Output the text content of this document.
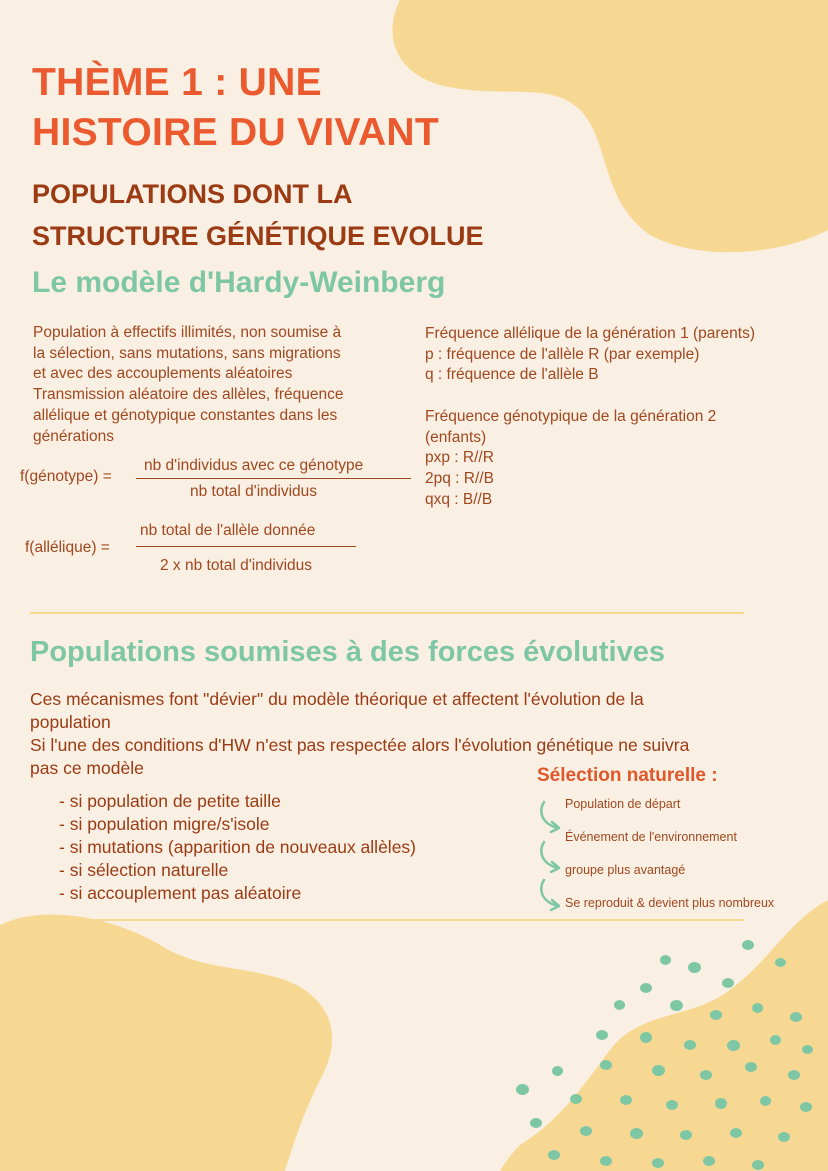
THÈME 1 : UNE
HISTOIRE DU VIVANT
POPULATIONS DONT LA
STRUCTURE GÉNÉTIQUE EVOLUE
Le modèle d'Hardy-Weinberg
Population à effectifs illimités, non soumise à
la sélection, sans mutations, sans migrations
et avec des accouplements aléatoires
Transmission aléatoire des allèles, fréquence
allélique et génotypique constantes dans les
générations
f(génotype) =
nb d'individus avec ce génotype
nb total d'individus
f(allélique) =
nb total de l'allèle donnée
2 x nb total d'individus
Fréquence allélique de la génération 1 (parents)
p : fréquence de l'allèle R (par exemple)
q : fréquence de l'allèle B
Fréquence génotypique de la génération 2
(enfants)
pxp : R//R
2pq : R//B
qxq : B//B
Populations soumises à des forces évolutives
Ces mécanismes font "dévier" du modèle théorique et affectent l'évolution de la
population
Si l'une des conditions d'HW n'est pas respectée alors l'évolution génétique ne suivra
pas ce modèle
- si population de petite taille
- si population migre/s'isole
- si mutations (apparition de nouveaux allèles)
- si sélection naturelle
- si accouplement pas aléatoire
Sélection naturelle :
Population de départ
Événement de l'environnement
groupe plus avantagé
Se reproduit & devient plus nombreux
